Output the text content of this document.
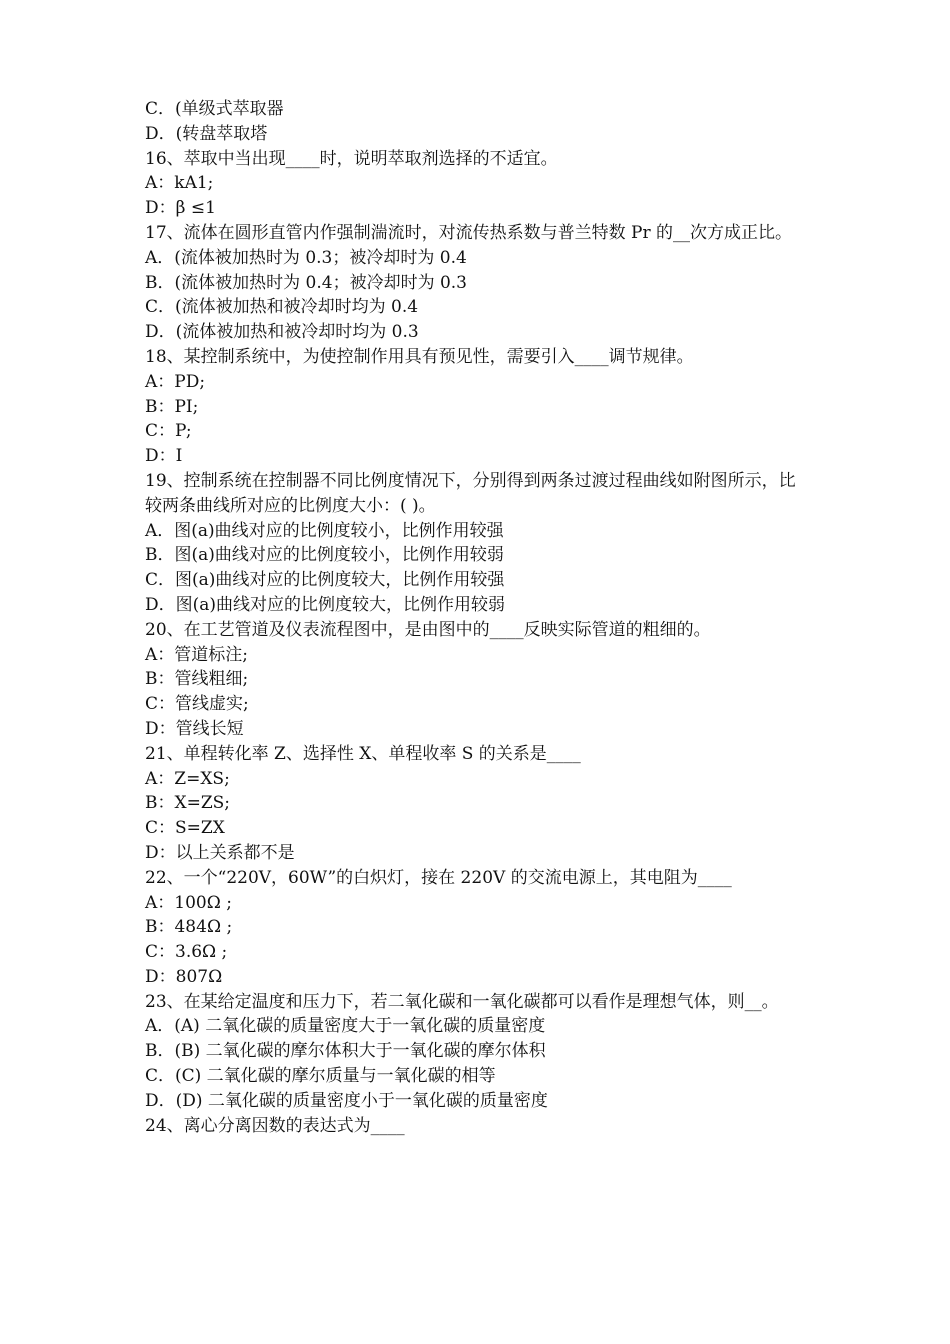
C．(单级式萃取器
D．(转盘萃取塔
16、萃取中当出现____时，说明萃取剂选择的不适宜。
A：kA1;
D：β ≤1
17、流体在圆形直管内作强制湍流时，对流传热系数与普兰特数 Pr 的__次方成正比。
A．(流体被加热时为 0.3；被冷却时为 0.4
B．(流体被加热时为 0.4；被冷却时为 0.3
C．(流体被加热和被冷却时均为 0.4
D．(流体被加热和被冷却时均为 0.3
18、某控制系统中，为使控制作用具有预见性，需要引入____调节规律。
A：PD;
B：PI;
C：P;
D：I
19、控制系统在控制器不同比例度情况下，分别得到两条过渡过程曲线如附图所示，比较两条曲线所对应的比例度大小：( )。
A．图(a)曲线对应的比例度较小，比例作用较强
B．图(a)曲线对应的比例度较小，比例作用较弱
C．图(a)曲线对应的比例度较大，比例作用较强
D．图(a)曲线对应的比例度较大，比例作用较弱
20、在工艺管道及仪表流程图中，是由图中的____反映实际管道的粗细的。
A：管道标注;
B：管线粗细;
C：管线虚实;
D：管线长短
21、单程转化率 Z、选择性 X、单程收率 S 的关系是____
A：Z=XS;
B：X=ZS;
C：S=ZX
D：以上关系都不是
22、一个“220V，60W”的白炽灯，接在 220V 的交流电源上，其电阻为____
A：100Ω ;
B：484Ω ;
C：3.6Ω ;
D：807Ω
23、在某给定温度和压力下，若二氧化碳和一氧化碳都可以看作是理想气体，则__。
A．(A) 二氧化碳的质量密度大于一氧化碳的质量密度
B．(B) 二氧化碳的摩尔体积大于一氧化碳的摩尔体积
C．(C) 二氧化碳的摩尔质量与一氧化碳的相等
D．(D) 二氧化碳的质量密度小于一氧化碳的质量密度
24、离心分离因数的表达式为____
